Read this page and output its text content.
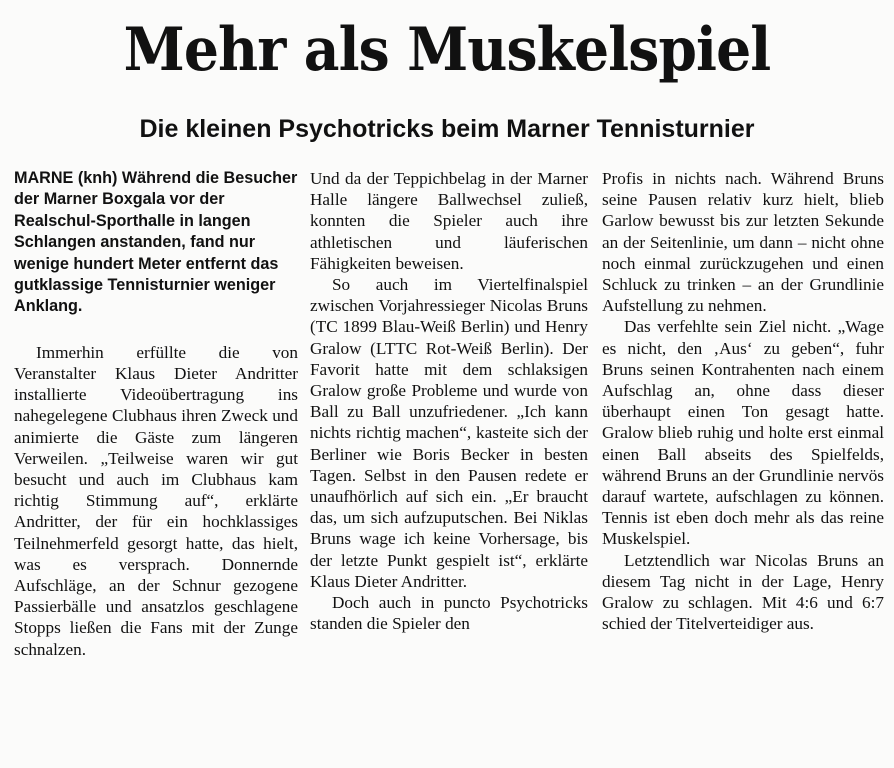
Mehr als Muskelspiel
Die kleinen Psychotricks beim Marner Tennisturnier

MARNE (knh) Während die Besucher der Marner Boxgala vor der Realschul-Sporthalle in langen Schlangen anstanden, fand nur wenige hundert Meter entfernt das gutklassige Tennisturnier weniger Anklang.

Immerhin erfüllte die von Veranstalter Klaus Dieter Andritter installierte Videoübertragung ins nahegelegene Clubhaus ihren Zweck und animierte die Gäste zum längeren Verweilen. „Teilweise waren wir gut besucht und auch im Clubhaus kam richtig Stimmung auf“, erklärte Andritter, der für ein hochklassiges Teilnehmerfeld gesorgt hatte, das hielt, was es versprach. Donnernde Aufschläge, an der Schnur gezogene Passierbälle und ansatzlos geschlagene Stopps ließen die Fans mit der Zunge schnalzen.

Und da der Teppichbelag in der Marner Halle längere Ballwechsel zuließ, konnten die Spieler auch ihre athletischen und läuferischen Fähigkeiten beweisen.

So auch im Viertelfinalspiel zwischen Vorjahressieger Nicolas Bruns (TC 1899 Blau-Weiß Berlin) und Henry Gralow (LTTC Rot-Weiß Berlin). Der Favorit hatte mit dem schlaksigen Gralow große Probleme und wurde von Ball zu Ball unzufriedener. „Ich kann nichts richtig machen“, kasteite sich der Berliner wie Boris Becker in besten Tagen. Selbst in den Pausen redete er unaufhörlich auf sich ein. „Er braucht das, um sich aufzuputschen. Bei Niklas Bruns wage ich keine Vorhersage, bis der letzte Punkt gespielt ist“, erklärte Klaus Dieter Andritter.

Doch auch in puncto Psychotricks standen die Spieler den

Profis in nichts nach. Während Bruns seine Pausen relativ kurz hielt, blieb Garlow bewusst bis zur letzten Sekunde an der Seitenlinie, um dann – nicht ohne noch einmal zurückzugehen und einen Schluck zu trinken – an der Grundlinie Aufstellung zu nehmen.

Das verfehlte sein Ziel nicht. „Wage es nicht, den ‚Aus‘ zu geben“, fuhr Bruns seinen Kontrahenten nach einem Aufschlag an, ohne dass dieser überhaupt einen Ton gesagt hatte. Gralow blieb ruhig und holte erst einmal einen Ball abseits des Spielfelds, während Bruns an der Grundlinie nervös darauf wartete, aufschlagen zu können. Tennis ist eben doch mehr als das reine Muskelspiel.

Letztendlich war Nicolas Bruns an diesem Tag nicht in der Lage, Henry Gralow zu schlagen. Mit 4:6 und 6:7 schied der Titelverteidiger aus.
